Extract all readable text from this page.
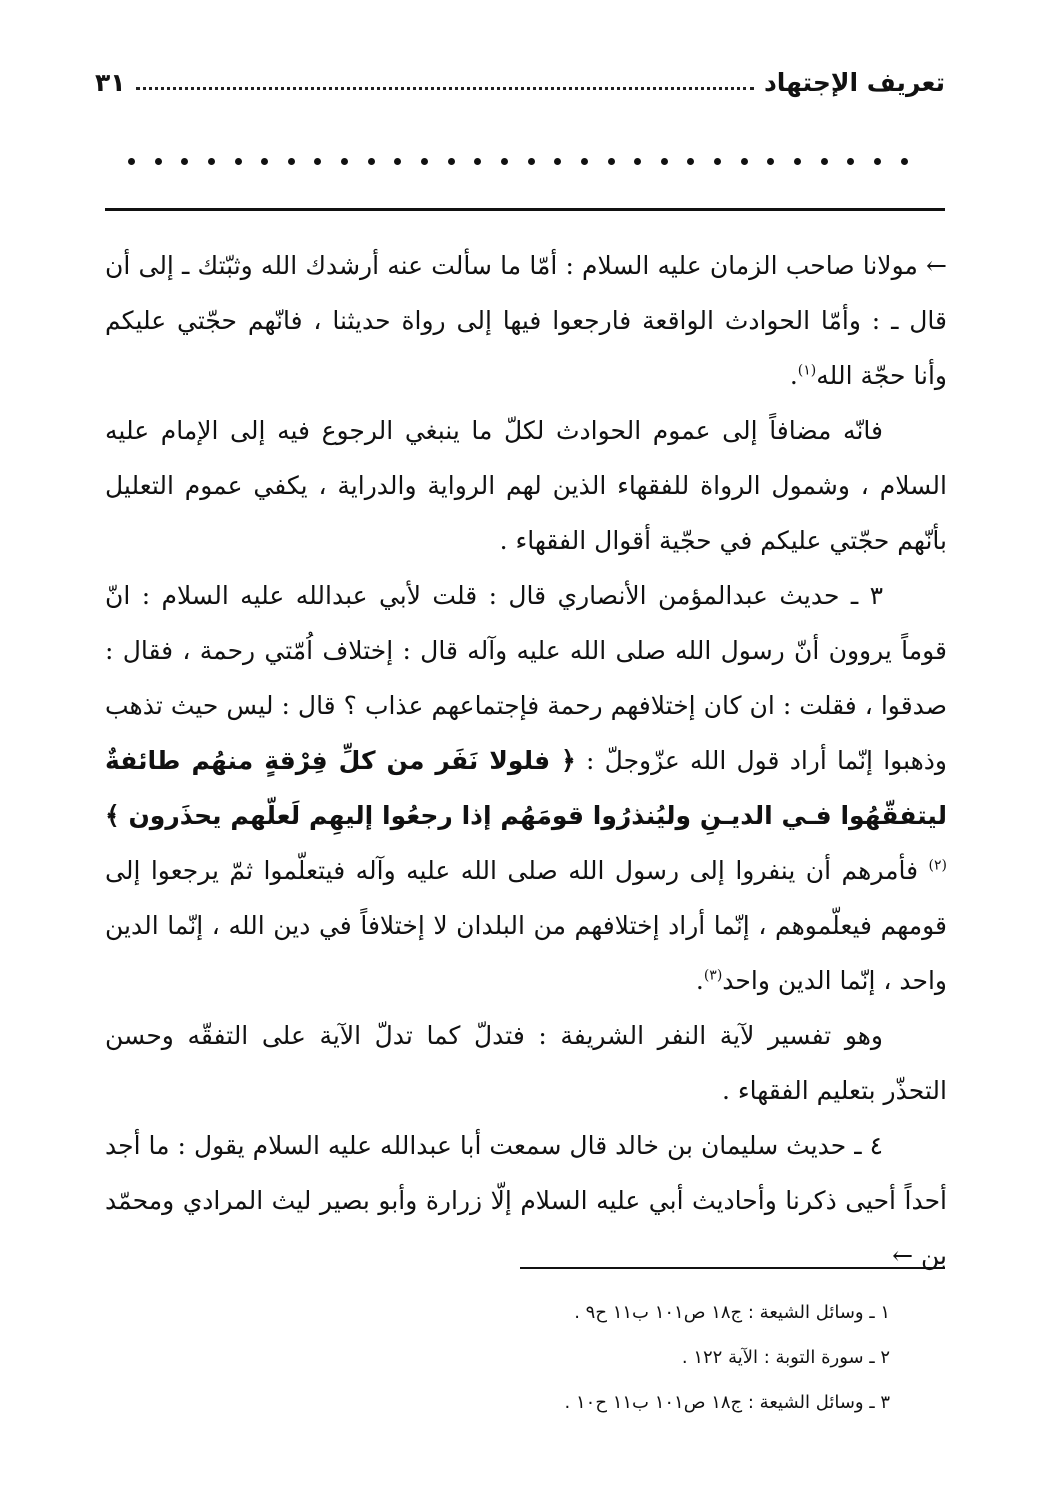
تعريف الإجتهاد
٣١

← مولانا صاحب الزمان عليه السلام : أمّا ما سألت عنه أرشدك الله وثبّتك ـ إلى أن قال ـ : وأمّا الحوادث الواقعة فارجعوا فيها إلى رواة حديثنا ، فانّهم حجّتي عليكم وأنا حجّة الله$^{(١)}$.

فانّه مضافاً إلى عموم الحوادث لكلّ ما ينبغي الرجوع فيه إلى الإمام عليه السلام ، وشمول الرواة للفقهاء الذين لهم الرواية والدراية ، يكفي عموم التعليل بأنّهم حجّتي عليكم في حجّية أقوال الفقهاء .

٣ ـ حديث عبدالمؤمن الأنصاري قال : قلت لأبي عبدالله عليه السلام : انّ قوماً يروون أنّ رسول الله صلى الله عليه وآله قال : إختلاف اُمّتي رحمة ، فقال : صدقوا ، فقلت : ان كان إختلافهم رحمة فإجتماعهم عذاب ؟ قال : ليس حيث تذهب وذهبوا إنّما أراد قول الله عزّوجلّ : ﴿ فلولا نَفَر من كلِّ فِرْقةٍ منهُم طائفةٌ ليتفقّهُوا فـي الديـنِ وليُنذرُوا قومَهُم إذا رجعُوا إليهِم لَعلّهم يحذَرون ﴾$^{(٢)}$ فأمرهم أن ينفروا إلى رسول الله صلى الله عليه وآله فيتعلّموا ثمّ يرجعوا إلى قومهم فيعلّموهم ، إنّما أراد إختلافهم من البلدان لا إختلافاً في دين الله ، إنّما الدين واحد ، إنّما الدين واحد$^{(٣)}$.

وهو تفسير لآية النفر الشريفة : فتدلّ كما تدلّ الآية على التفقّه وحسن التحذّر بتعليم الفقهاء .

٤ ـ حديث سليمان بن خالد قال سمعت أبا عبدالله عليه السلام يقول : ما أجد أحداً أحيى ذكرنا وأحاديث أبي عليه السلام إلّا زرارة وأبو بصير ليث المرادي ومحمّد بن ←

١ ـ وسائل الشيعة : ج١٨ ص١٠١ ب١١ ح٩ .
٢ ـ سورة التوبة : الآية ١٢٢ .
٣ ـ وسائل الشيعة : ج١٨ ص١٠١ ب١١ ح١٠ .
